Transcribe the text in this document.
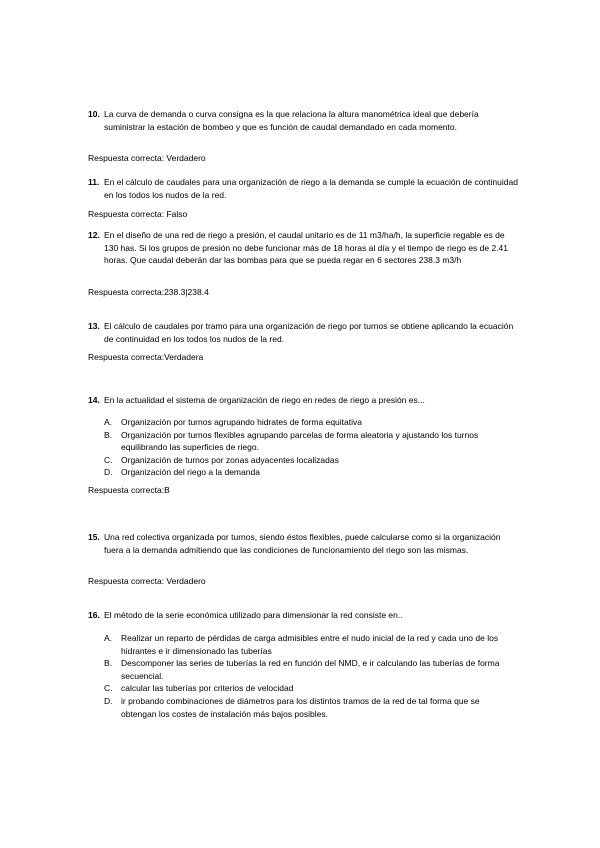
10. La curva de demanda o curva consigna es la que relaciona la altura manométrica ideal que debería suministrar la estación de bombeo y que es función de caudal demandado en cada momento.
Respuesta correcta: Verdadero
11. En el cálculo de caudales para una organización de riego a la demanda se cumple la ecuación de continuidad en los todos los nudos de la red.
Respuesta correcta: Falso
12. En el diseño de una red de riego a presión, el caudal unitario es de 11 m3/ha/h, la superficie regable es de 130 has. Si los grupos de presión no debe funcionar más de 18 horas al día y el tiempo de riego es de 2.41 horas. Que caudal deberán dar las bombas para que se pueda regar en 6 sectores 238.3 m3/h
Respuesta correcta:238.3|238.4
13. El cálculo de caudales por tramo para una organización de riego por turnos se obtiene aplicando la ecuación de continuidad en los todos los nudos de la red.
Respuesta correcta:Verdadera
14. En la actualidad el sistema de organización de riego en redes de riego a presión es...
A. Organización por turnos agrupando hidrates de forma equitativa
B. Organización por turnos flexibles agrupando parcelas de forma aleatoria y ajustando los turnos equilibrando las superficies de riego.
C. Organización de turnos por zonas adyacentes localizadas
D. Organización del riego a la demanda
Respuesta correcta:B
15. Una red colectiva organizada por turnos, siendo éstos flexibles, puede calcularse como si la organización fuera a la demanda admitiendo que las condiciones de funcionamiento del riego son las mismas.
Respuesta correcta: Verdadero
16. El método de la serie económica utilizado para dimensionar la red consiste en..
A. Realizar un reparto de pérdidas de carga admisibles entre el nudo inicial de la red y cada uno de los hidrantes e ir dimensionado las tuberías
B. Descomponer las series de tuberías la red en función del NMD, e ir calculando las tuberías de forma secuencial.
C. calcular las tuberías por criterios de velocidad
D. ir probando combinaciones de diámetros para los distintos tramos de la red de tal forma que se obtengan los costes de instalación más bajos posibles.
